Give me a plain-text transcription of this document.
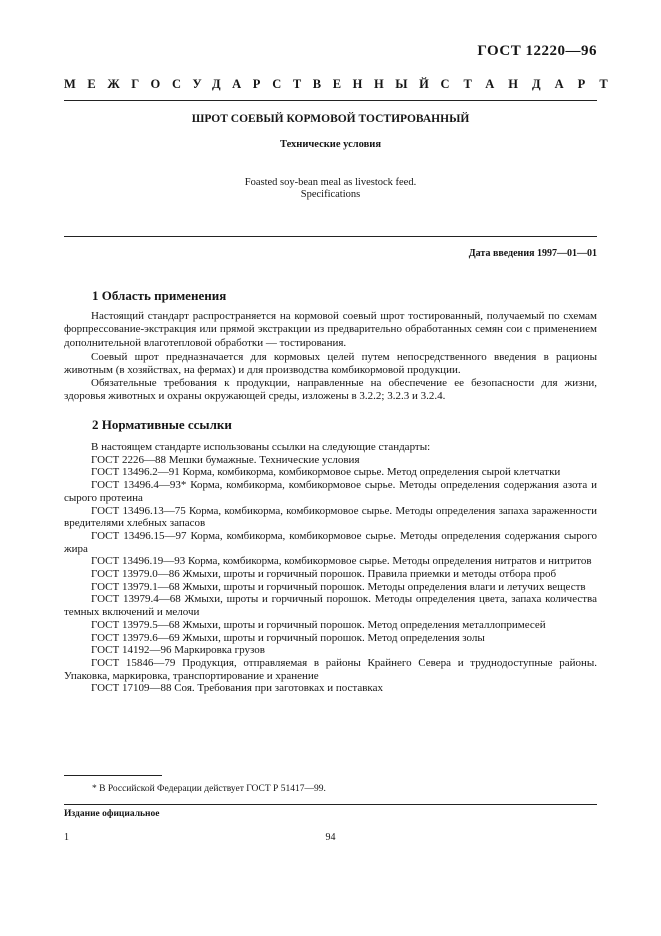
ГОСТ 12220—96
МЕЖГОСУДАРСТВЕННЫЙ СТАНДАРТ
ШРОТ СОЕВЫЙ КОРМОВОЙ ТОСТИРОВАННЫЙ
Технические условия
Foasted soy-bean meal as livestock feed.
Specifications
Дата введения 1997—01—01
1 Область применения

Настоящий стандарт распространяется на кормовой соевый шрот тостированный, получаемый по схемам форпрессование-экстракция или прямой экстракции из предварительно обработанных семян сои с применением дополнительной влаготепловой обработки — тостирования.

Соевый шрот предназначается для кормовых целей путем непосредственного введения в рационы животным (в хозяйствах, на фермах) и для производства комбикормовой продукции.

Обязательные требования к продукции, направленные на обеспечение ее безопасности для жизни, здоровья животных и охраны окружающей среды, изложены в 3.2.2; 3.2.3 и 3.2.4.

2 Нормативные ссылки
В настоящем стандарте использованы ссылки на следующие стандарты:
ГОСТ 2226—88 Мешки бумажные. Технические условия
ГОСТ 13496.2—91 Корма, комбикорма, комбикормовое сырье. Метод определения сырой клетчатки
ГОСТ 13496.4—93* Корма, комбикорма, комбикормовое сырье. Методы определения содержания азота и сырого протеина
ГОСТ 13496.13—75 Корма, комбикорма, комбикормовое сырье. Методы определения запаха зараженности вредителями хлебных запасов
ГОСТ 13496.15—97 Корма, комбикорма, комбикормовое сырье. Методы определения содержания сырого жира
ГОСТ 13496.19—93 Корма, комбикорма, комбикормовое сырье. Методы определения нитратов и нитритов
ГОСТ 13979.0—86 Жмыхи, шроты и горчичный порошок. Правила приемки и методы отбора проб
ГОСТ 13979.1—68 Жмыхи, шроты и горчичный порошок. Методы определения влаги и летучих веществ
ГОСТ 13979.4—68 Жмыхи, шроты и горчичный порошок. Методы определения цвета, запаха количества темных включений и мелочи
ГОСТ 13979.5—68 Жмыхи, шроты и горчичный порошок. Метод определения металлопримесей
ГОСТ 13979.6—69 Жмыхи, шроты и горчичный порошок. Метод определения золы
ГОСТ 14192—96 Маркировка грузов
ГОСТ 15846—79 Продукция, отправляемая в районы Крайнего Севера и труднодоступные районы. Упаковка, маркировка, транспортирование и хранение
ГОСТ 17109—88 Соя. Требования при заготовках и поставках
* В Российской Федерации действует ГОСТ Р 51417—99.
Издание официальное
1	94
